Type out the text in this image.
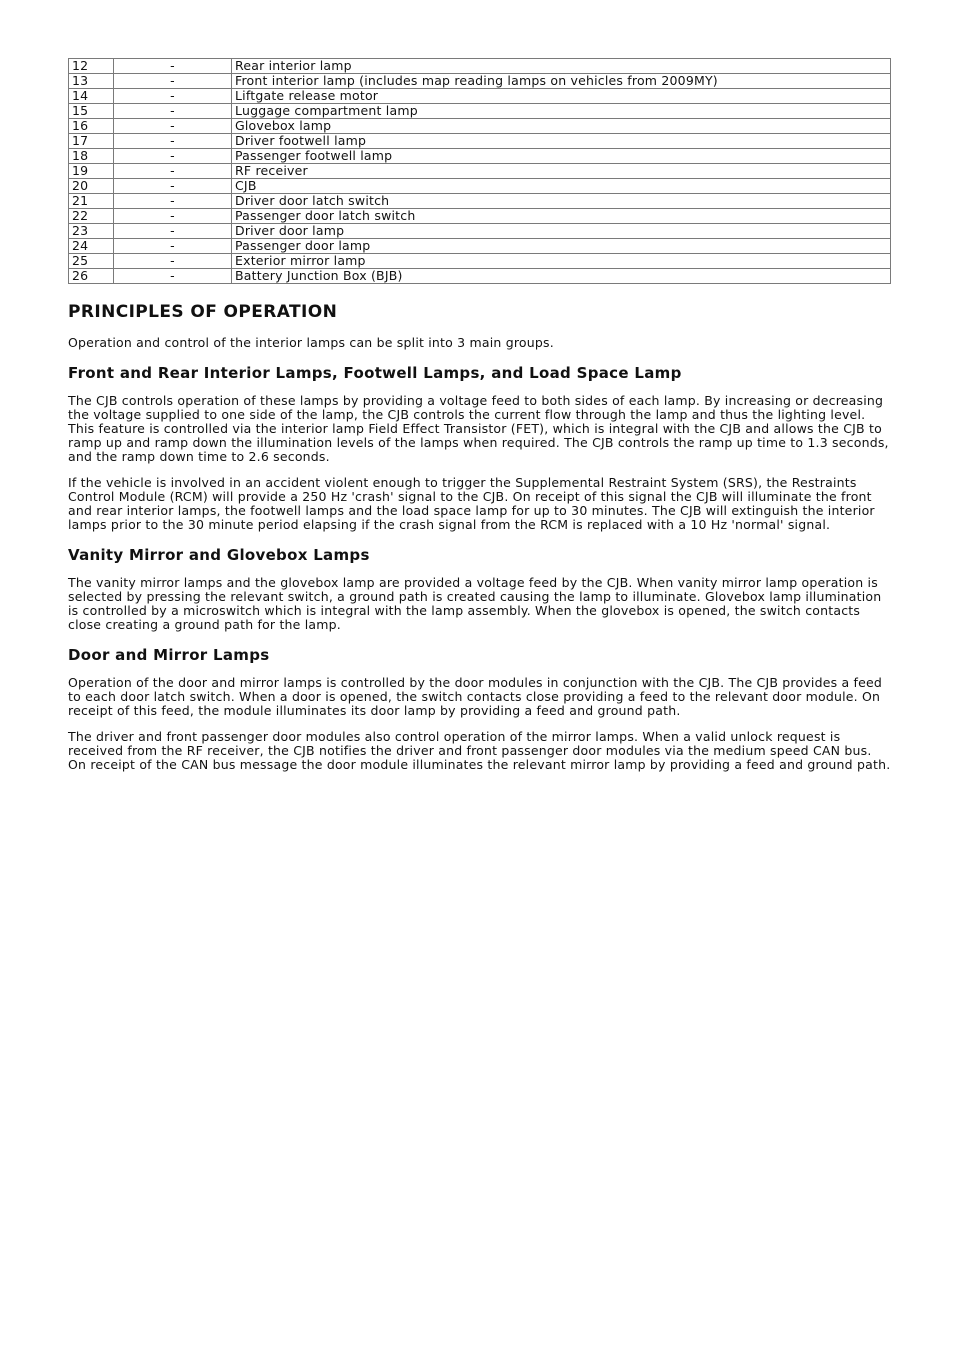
12	-	Rear interior lamp
13	-	Front interior lamp (includes map reading lamps on vehicles from 2009MY)
14	-	Liftgate release motor
15	-	Luggage compartment lamp
16	-	Glovebox lamp
17	-	Driver footwell lamp
18	-	Passenger footwell lamp
19	-	RF receiver
20	-	CJB
21	-	Driver door latch switch
22	-	Passenger door latch switch
23	-	Driver door lamp
24	-	Passenger door lamp
25	-	Exterior mirror lamp
26	-	Battery Junction Box (BJB)
PRINCIPLES OF OPERATION

Operation and control of the interior lamps can be split into 3 main groups.

Front and Rear Interior Lamps, Footwell Lamps, and Load Space Lamp

The CJB controls operation of these lamps by providing a voltage feed to both sides of each lamp. By increasing or decreasing the voltage supplied to one side of the lamp, the CJB controls the current flow through the lamp and thus the lighting level. This feature is controlled via the interior lamp Field Effect Transistor (FET), which is integral with the CJB and allows the CJB to ramp up and ramp down the illumination levels of the lamps when required. The CJB controls the ramp up time to 1.3 seconds, and the ramp down time to 2.6 seconds.

If the vehicle is involved in an accident violent enough to trigger the Supplemental Restraint System (SRS), the Restraints Control Module (RCM) will provide a 250 Hz 'crash' signal to the CJB. On receipt of this signal the CJB will illuminate the front and rear interior lamps, the footwell lamps and the load space lamp for up to 30 minutes. The CJB will extinguish the interior lamps prior to the 30 minute period elapsing if the crash signal from the RCM is replaced with a 10 Hz 'normal' signal.

Vanity Mirror and Glovebox Lamps

The vanity mirror lamps and the glovebox lamp are provided a voltage feed by the CJB. When vanity mirror lamp operation is selected by pressing the relevant switch, a ground path is created causing the lamp to illuminate. Glovebox lamp illumination is controlled by a microswitch which is integral with the lamp assembly. When the glovebox is opened, the switch contacts close creating a ground path for the lamp.

Door and Mirror Lamps

Operation of the door and mirror lamps is controlled by the door modules in conjunction with the CJB. The CJB provides a feed to each door latch switch. When a door is opened, the switch contacts close providing a feed to the relevant door module. On receipt of this feed, the module illuminates its door lamp by providing a feed and ground path.

The driver and front passenger door modules also control operation of the mirror lamps. When a valid unlock request is received from the RF receiver, the CJB notifies the driver and front passenger door modules via the medium speed CAN bus. On receipt of the CAN bus message the door module illuminates the relevant mirror lamp by providing a feed and ground path.
